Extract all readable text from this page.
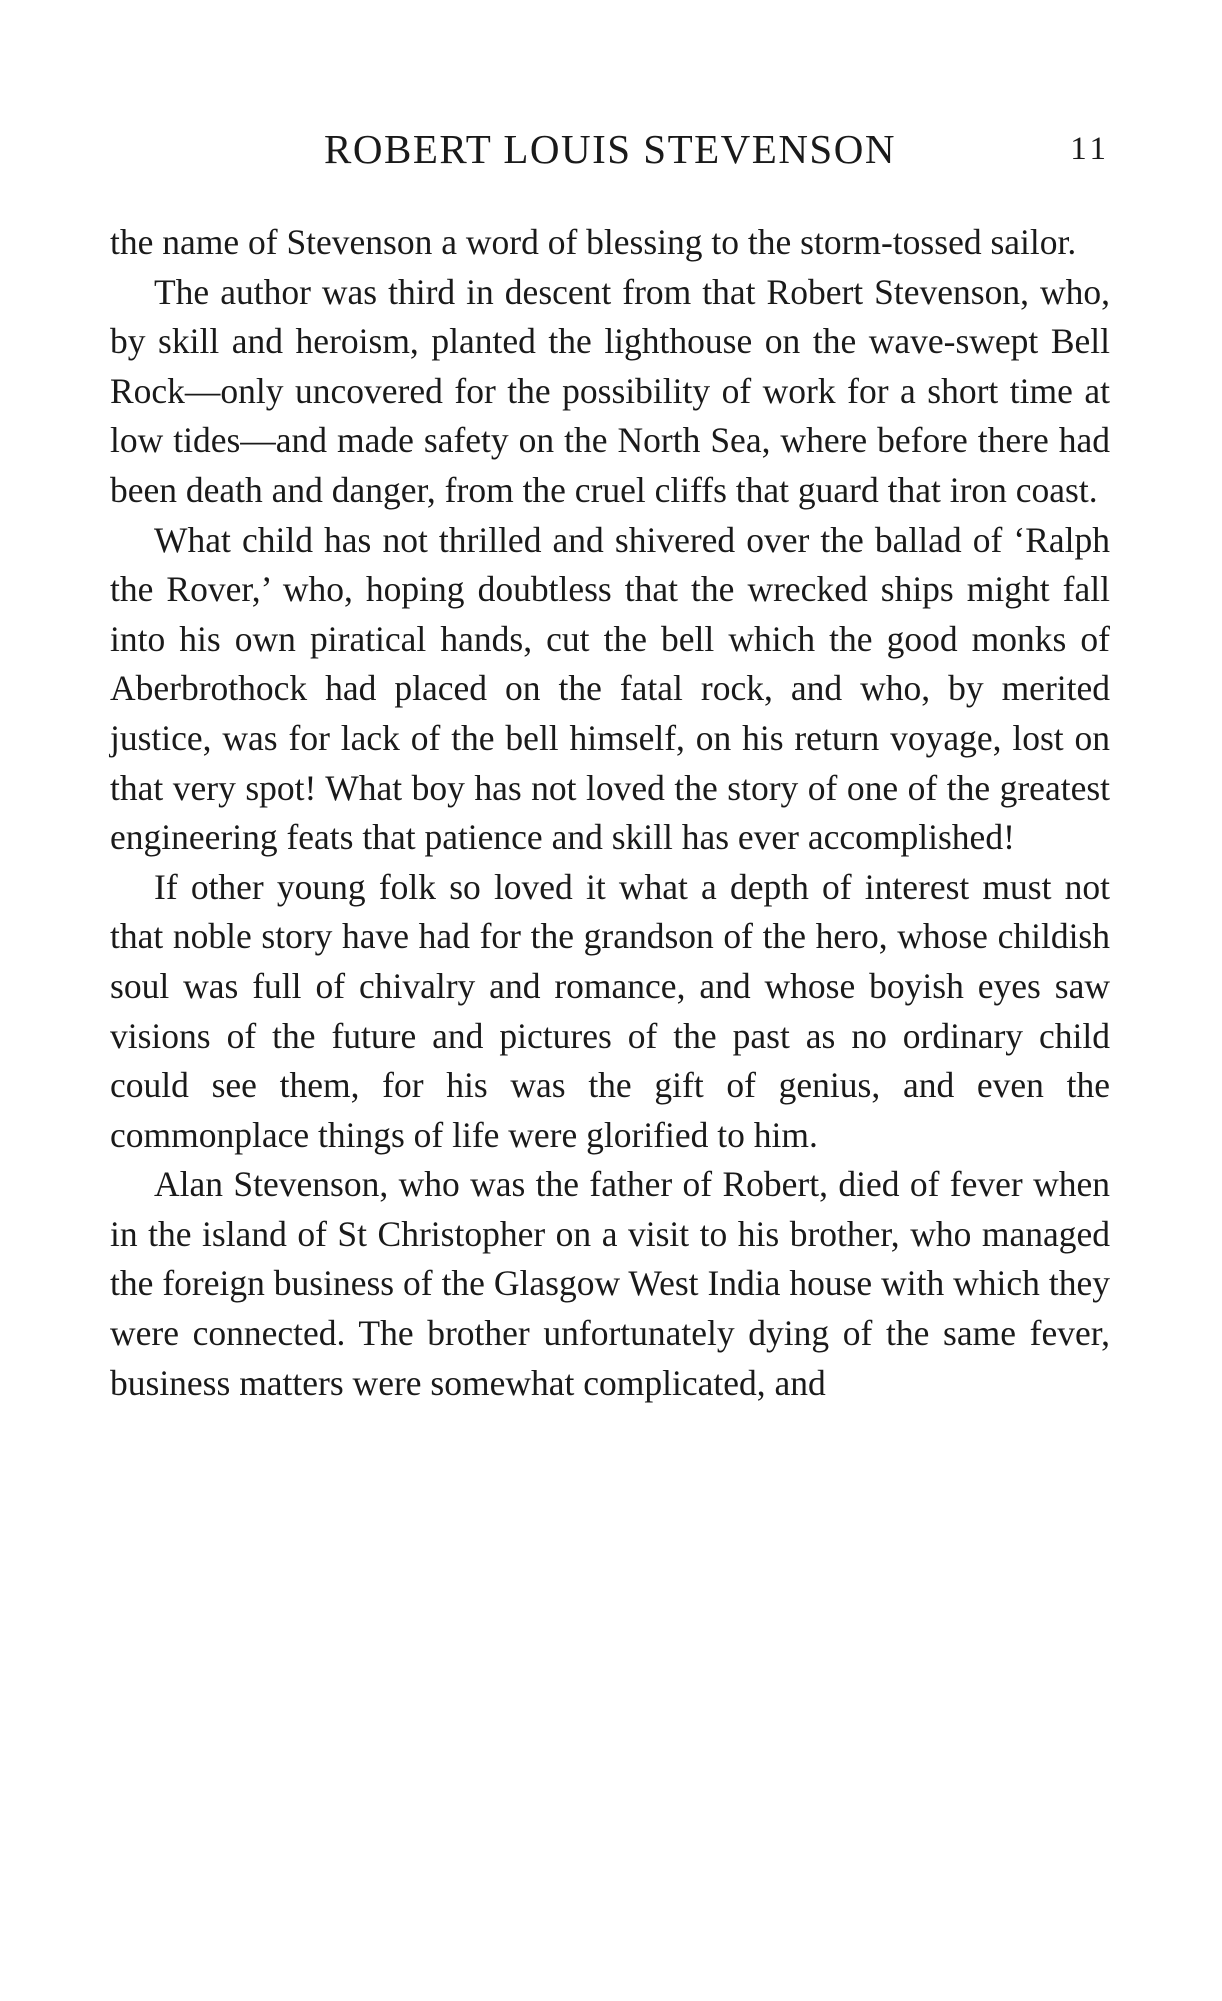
ROBERT LOUIS STEVENSON	11

the name of Stevenson a word of blessing to the storm-tossed sailor.

The author was third in descent from that Robert Stevenson, who, by skill and heroism, planted the lighthouse on the wave-swept Bell Rock—only uncovered for the possibility of work for a short time at low tides—and made safety on the North Sea, where before there had been death and danger, from the cruel cliffs that guard that iron coast.

What child has not thrilled and shivered over the ballad of ‘Ralph the Rover,’ who, hoping doubtless that the wrecked ships might fall into his own piratical hands, cut the bell which the good monks of Aberbrothock had placed on the fatal rock, and who, by merited justice, was for lack of the bell himself, on his return voyage, lost on that very spot! What boy has not loved the story of one of the greatest engineering feats that patience and skill has ever accomplished!

If other young folk so loved it what a depth of interest must not that noble story have had for the grandson of the hero, whose childish soul was full of chivalry and romance, and whose boyish eyes saw visions of the future and pictures of the past as no ordinary child could see them, for his was the gift of genius, and even the commonplace things of life were glorified to him.

Alan Stevenson, who was the father of Robert, died of fever when in the island of St Christopher on a visit to his brother, who managed the foreign business of the Glasgow West India house with which they were connected. The brother unfortunately dying of the same fever, business matters were somewhat complicated, and
